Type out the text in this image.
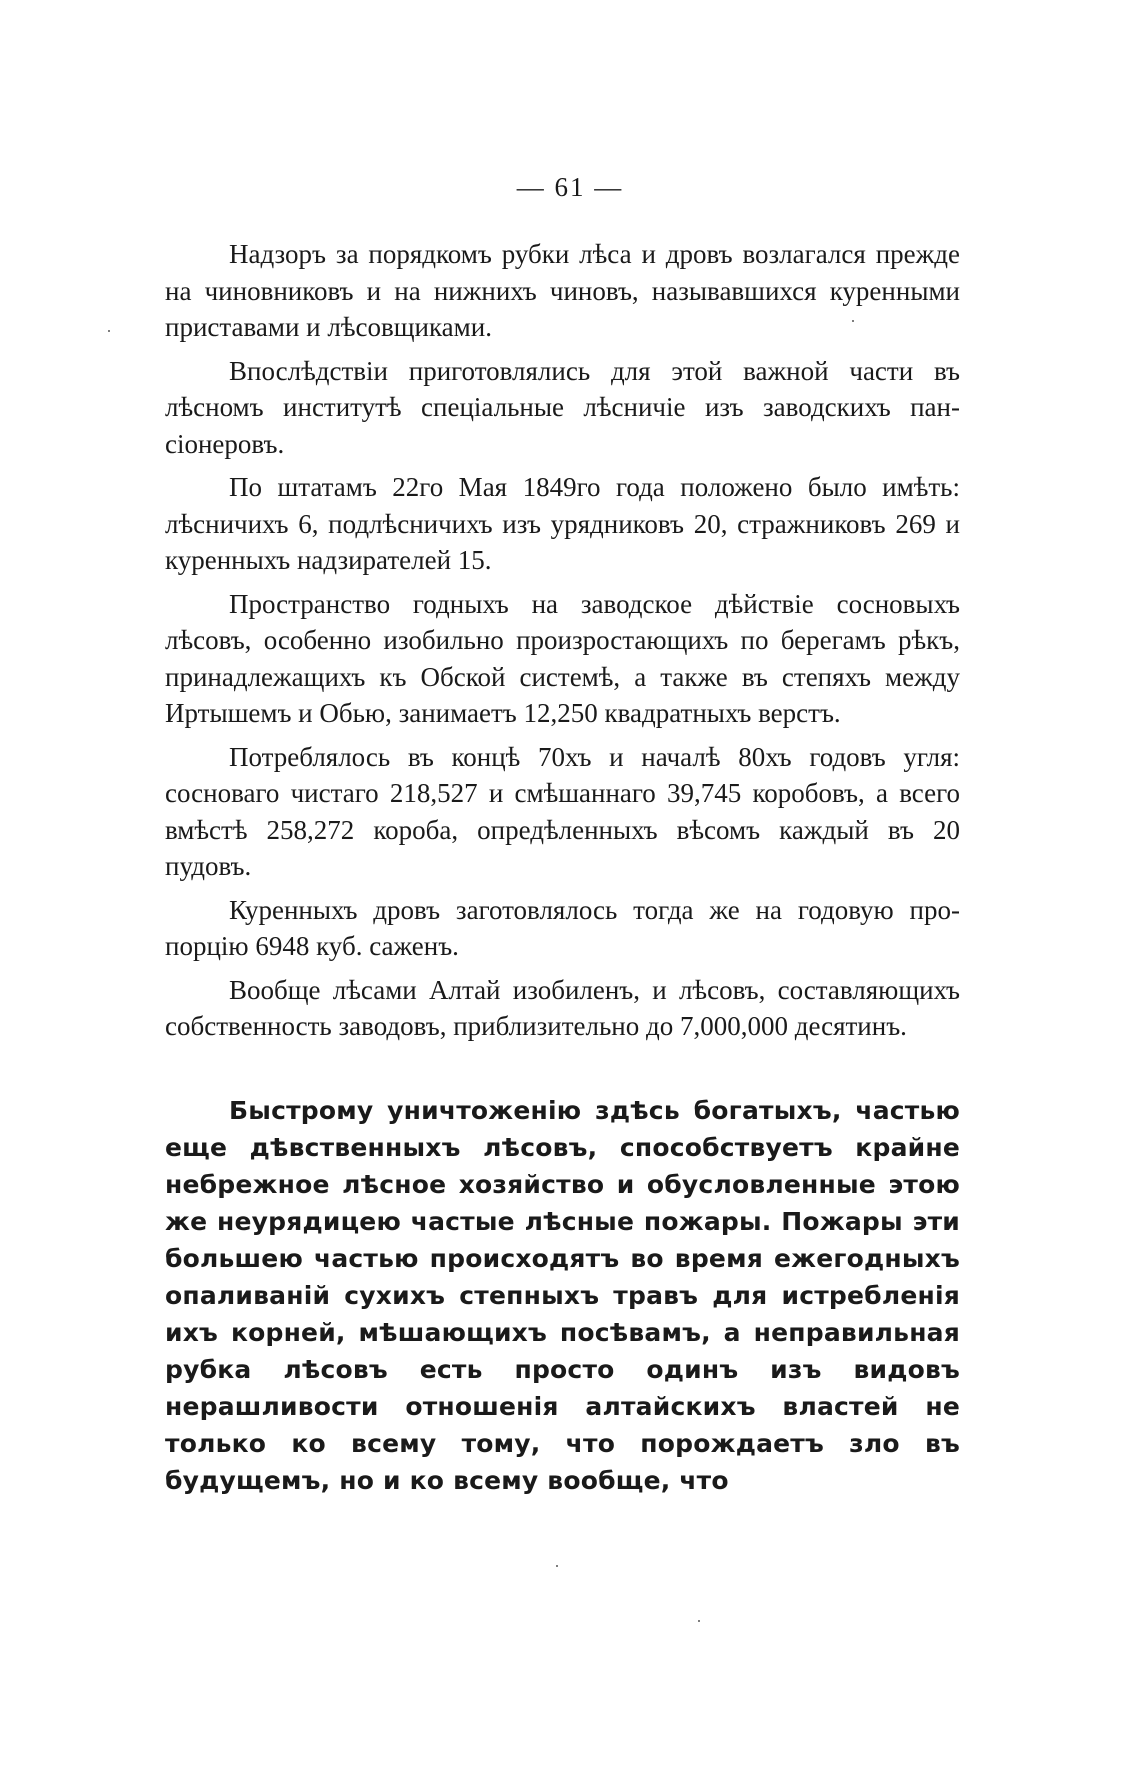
— 61 —

Надзоръ за порядкомъ рубки лѣса и дровъ возлагался прежде на чиновниковъ и на нижнихъ чиновъ, называвшихся куренными приставами и лѣсовщиками.

Впослѣдствіи приготовлялись для этой важной части въ лѣсномъ институтѣ спеціальные лѣсничіе изъ заводскихъ пансіонеровъ.

По штатамъ 22го Мая 1849го года положено было имѣть: лѣсничихъ 6, подлѣсничихъ изъ урядниковъ 20, стражниковъ 269 и куренныхъ надзирателей 15.

Пространство годныхъ на заводское дѣйствіе сосновыхъ лѣсовъ, особенно изобильно произростающихъ по берегамъ рѣкъ, принадлежащихъ къ Обской системѣ, а также въ степяхъ между Иртышемъ и Обью, занимаетъ 12,250 квадратныхъ верстъ.

Потреблялось въ концѣ 70хъ и началѣ 80хъ годовъ угля: сосноваго чистаго 218,527 и смѣшаннаго 39,745 коробовъ, а всего вмѣстѣ 258,272 короба, опредѣленныхъ вѣсомъ каждый въ 20 пудовъ.

Куренныхъ дровъ заготовлялось тогда же на годовую пропорцію 6948 куб. саженъ.

Вообще лѣсами Алтай изобиленъ, и лѣсовъ, составляющихъ собственность заводовъ, приблизительно до 7,000,000 десятинъ.

Быстрому уничтоженію здѣсь богатыхъ, частью еще дѣвственныхъ лѣсовъ, способствуетъ крайне небрежное лѣсное хозяйство и обусловленные этою же неурядицею частые лѣсные пожары. Пожары эти большею частью происходятъ во время ежегодныхъ опаливаній сухихъ степныхъ травъ для истребленія ихъ корней, мѣшающихъ посѣвамъ, а неправильная рубка лѣсовъ есть просто одинъ изъ видовъ нерашливости отношенія алтайскихъ властей не только ко всему тому, что порождаетъ зло въ будущемъ, но и ко всему вообще, что
